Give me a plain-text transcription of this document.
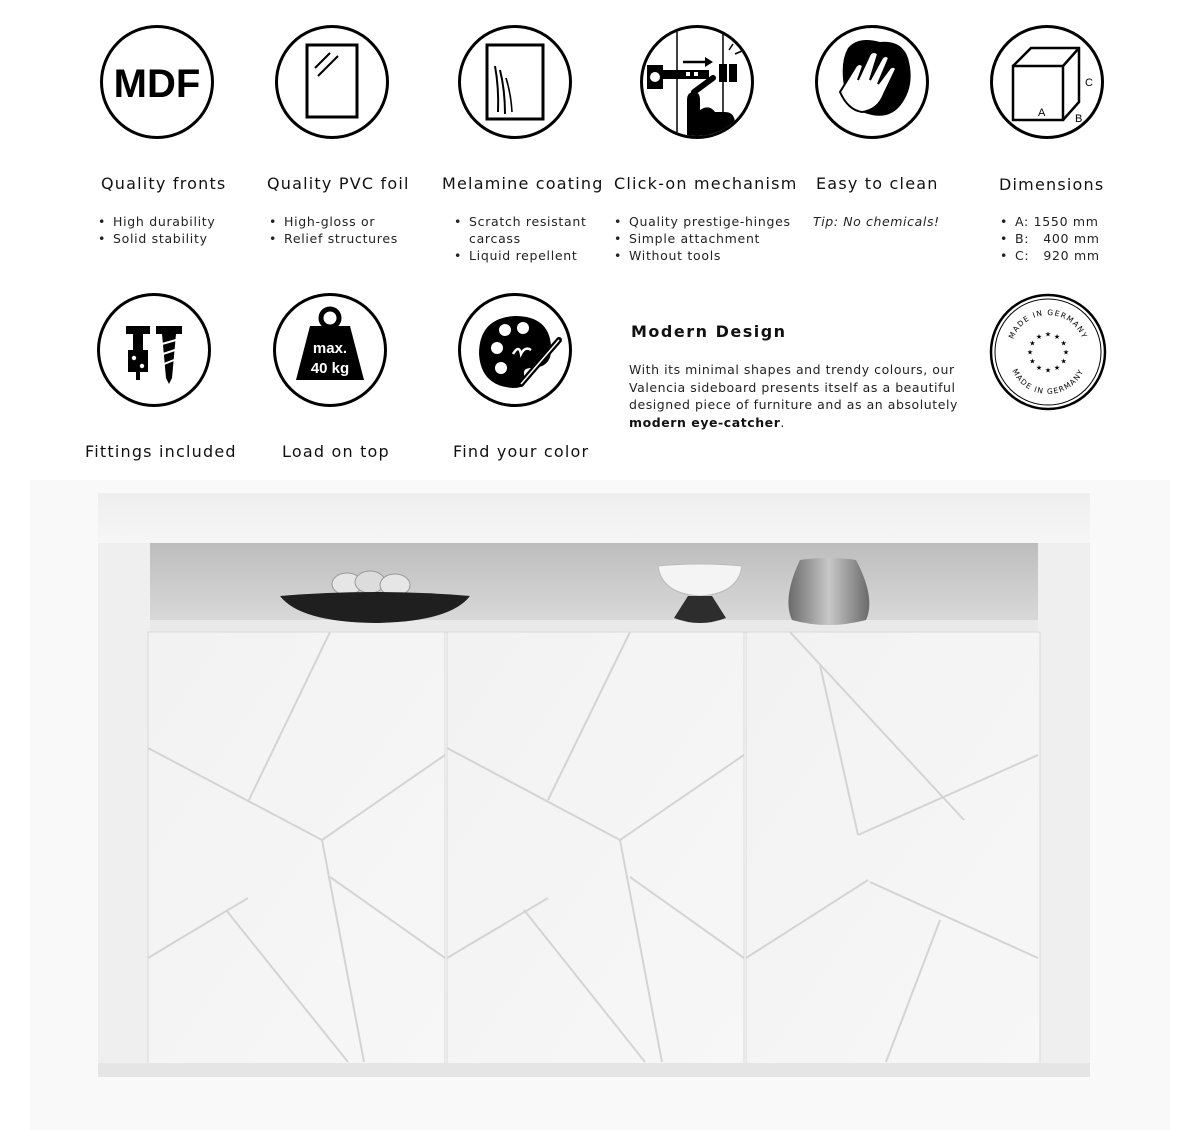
MDF
Quality fronts
• High durability
• Solid stability
Quality PVC foil
• High-gloss or
• Relief structures
Melamine coating
• Scratch resistant
carcass
• Liquid repellent
Click-on mechanism
• Quality prestige-hinges
• Simple attachment
• Without tools
Easy to clean
Tip: No chemicals!
A	B
C
Dimensions
• A: 1550 mm
• B:   400 mm
• C:   920 mm
Fittings included
max.
40 kg
Load on top	Find your color
Modern Design
With its minimal shapes and trendy colours, our Valencia sideboard presents itself as a beautiful designed piece of furniture and as an absolutely modern eye-catcher.
MADE IN GERMANY
MADE IN GERMANY
★
★
★
★
★
★
★
★
★ ★ ★
★
